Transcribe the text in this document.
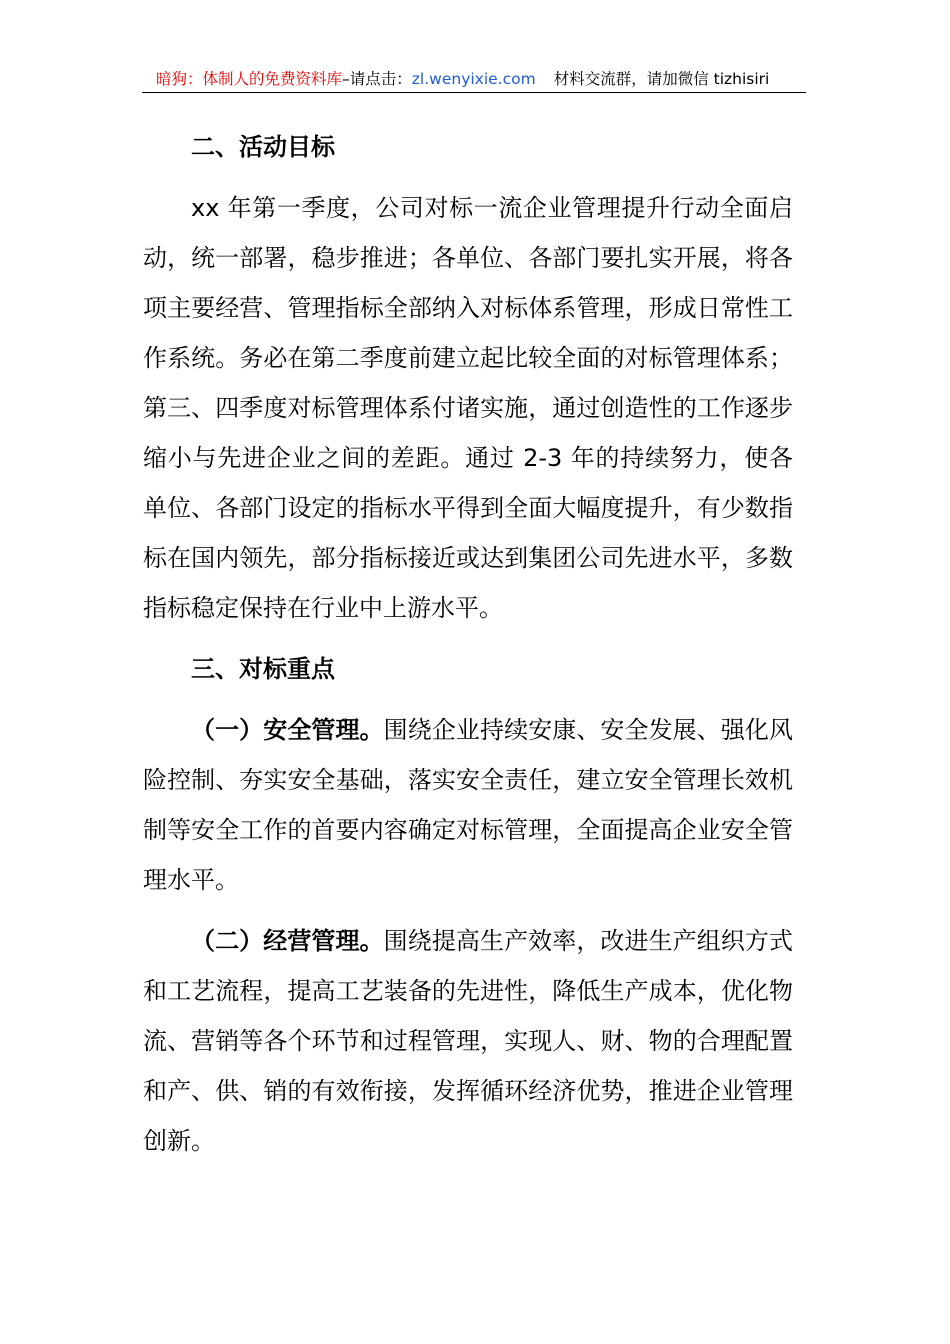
暗狗：体制人的免费资料库–请点击：zl.wenyixie.com 材料交流群，请加微信 tizhisiri

二、活动目标

xx 年第一季度，公司对标一流企业管理提升行动全面启动，统一部署，稳步推进；各单位、各部门要扎实开展，将各项主要经营、管理指标全部纳入对标体系管理，形成日常性工作系统。务必在第二季度前建立起比较全面的对标管理体系；第三、四季度对标管理体系付诸实施，通过创造性的工作逐步缩小与先进企业之间的差距。通过 2-3 年的持续努力，使各单位、各部门设定的指标水平得到全面大幅度提升，有少数指标在国内领先，部分指标接近或达到集团公司先进水平，多数指标稳定保持在行业中上游水平。

三、对标重点

（一）安全管理。围绕企业持续安康、安全发展、强化风险控制、夯实安全基础，落实安全责任，建立安全管理长效机制等安全工作的首要内容确定对标管理，全面提高企业安全管理水平。

（二）经营管理。围绕提高生产效率，改进生产组织方式和工艺流程，提高工艺装备的先进性，降低生产成本，优化物流、营销等各个环节和过程管理，实现人、财、物的合理配置和产、供、销的有效衔接，发挥循环经济优势，推进企业管理创新。
